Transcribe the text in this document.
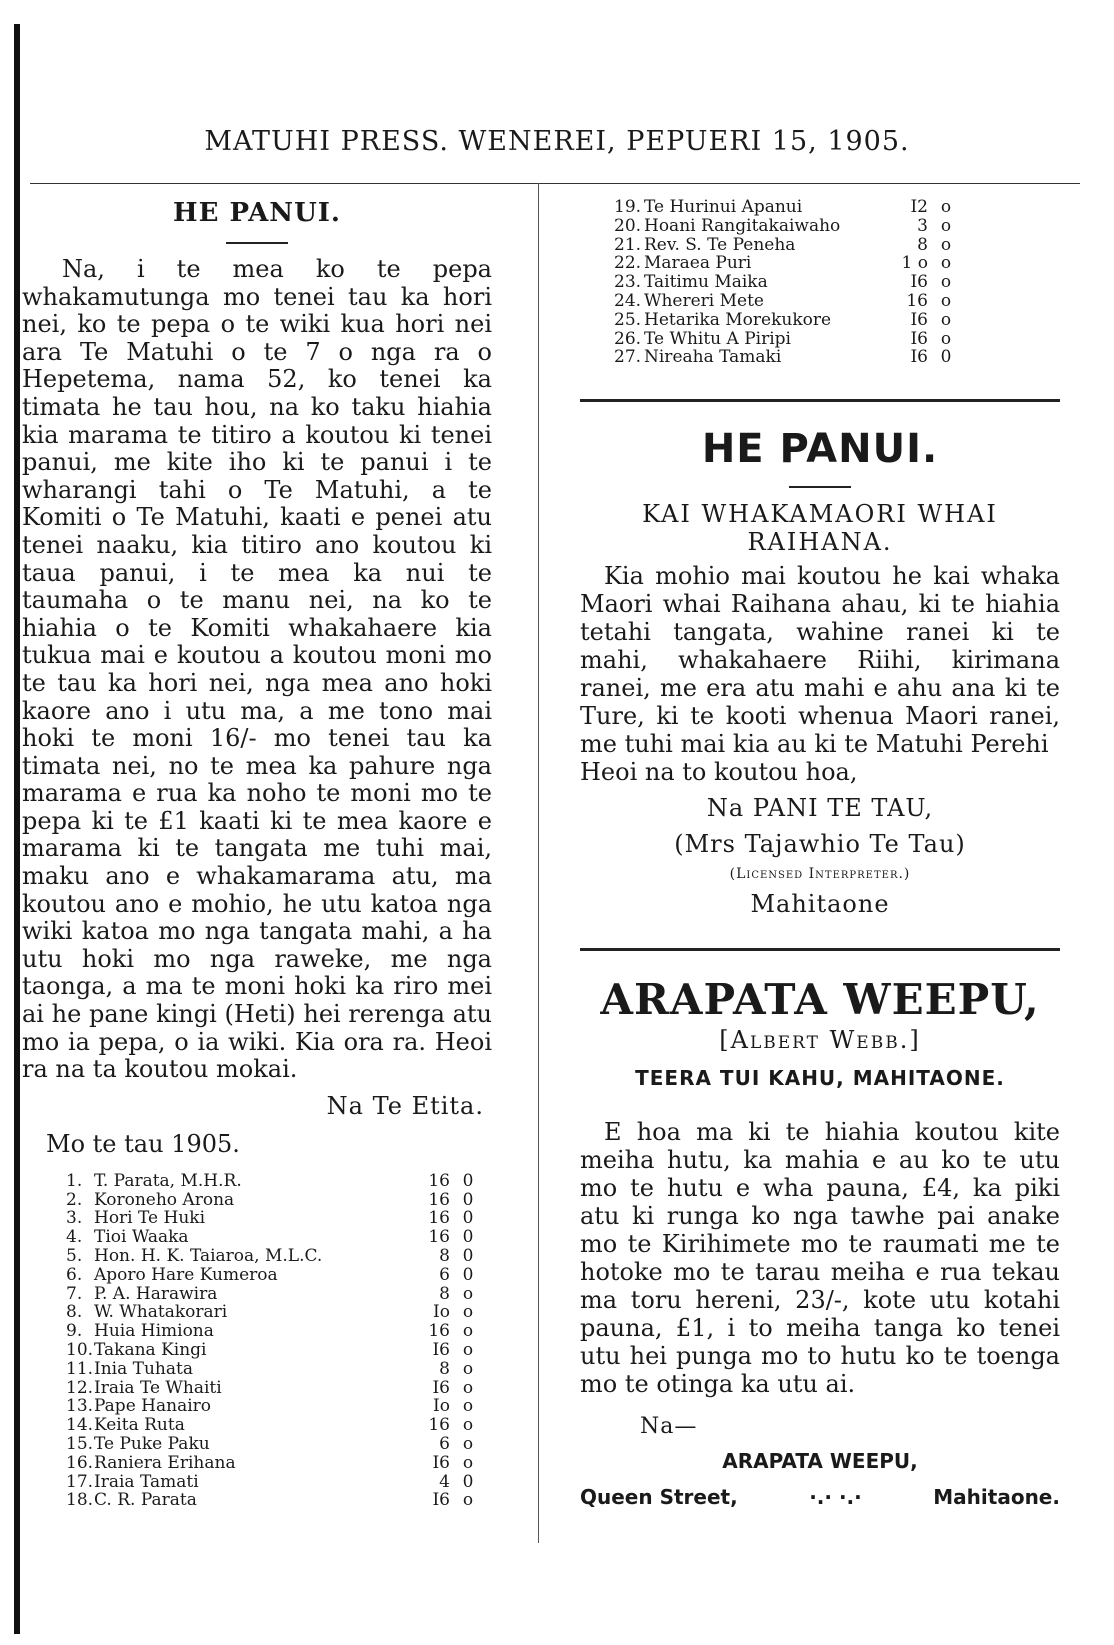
MATUHI PRESS. WENEREI, PEPUERI 15, 1905.
HE PANUI.

Na, i te mea ko te pepa whakamutunga mo tenei tau ka hori nei, ko te pepa o te wiki kua hori nei ara Te Matuhi o te 7 o nga ra o Hepetema, nama 52, ko tenei ka timata he tau hou, na ko taku hiahia kia marama te titiro a koutou ki tenei panui, me kite iho ki te panui i te wharangi tahi o Te Matuhi, a te Komiti o Te Matuhi, kaati e penei atu tenei naaku, kia titiro ano koutou ki taua panui, i te mea ka nui te taumaha o te manu nei, na ko te hiahia o te Komiti whakahaere kia tukua mai e koutou a koutou moni mo te tau ka hori nei, nga mea ano hoki kaore ano i utu ma, a me tono mai hoki te moni 16/- mo tenei tau ka timata nei, no te mea ka pahure nga marama e rua ka noho te moni mo te pepa ki te £1 kaati ki te mea kaore e marama ki te tangata me tuhi mai, maku ano e whakamarama atu, ma koutou ano e mohio, he utu katoa nga wiki katoa mo nga tangata mahi, a ha utu hoki mo nga raweke, me nga taonga, a ma te moni hoki ka riro mei ai he pane kingi (Heti) hei rerenga atu mo ia pepa, o ia wiki. Kia ora ra. Heoi ra na ta koutou mokai.

Na Te Etita.
Mo te tau 1905.
1. T. Parata, M.H.R.	16 0
2. Koroneho Arona	16 0
3. Hori Te Huki	16 0
4. Tioi Waaka	16 0
5. Hon. H. K. Taiaroa, M.L.C.	8 0
6. Aporo Hare Kumeroa	6 0
7. P. A. Harawira	8 o
8. W. Whatakorari	Io o
9. Huia Himiona	16 o
10. Takana Kingi	I6 o
11. Inia Tuhata	8 o
12. Iraia Te Whaiti	I6 o
13. Pape Hanairo	Io o
14. Keita Ruta	16 o
15. Te Puke Paku	6 o
16. Raniera Erihana	I6 o
17. Iraia Tamati	4 0
18. C. R. Parata	I6 o
19. Te Hurinui Apanui	I2 o
20. Hoani Rangitakaiwaho	3 o
21. Rev. S. Te Peneha	8 o
22. Maraea Puri	1 o o
23. Taitimu Maika	I6 o
24. Whereri Mete	16 o
25. Hetarika Morekukore	I6 o
26. Te Whitu A Piripi	I6 o
27. Nireaha Tamaki	I6 0
HE PANUI.
KAI WHAKAMAORI WHAI RAIHANA.

Kia mohio mai koutou he kai whaka Maori whai Raihana ahau, ki te hiahia tetahi tangata, wahine ranei ki te mahi, whakahaere Riihi, kirimana ranei, me era atu mahi e ahu ana ki te Ture, ki te kooti whenua Maori ranei, me tuhi mai kia au ki te Matuhi Perehi

Heoi na to koutou hoa,

Na PANI TE TAU,
(Mrs Tajawhio Te Tau)
(Licensed Interpreter.)
Mahitaone
ARAPATA WEEPU,
[Albert Webb.]
TEERA TUI KAHU, MAHITAONE.

E hoa ma ki te hiahia koutou kite meiha hutu, ka mahia e au ko te utu mo te hutu e wha pauna, £4, ka piki atu ki runga ko nga tawhe pai anake mo te Kirihimete mo te raumati me te hotoke mo te tarau meiha e rua tekau ma toru hereni, 23/-, kote utu kotahi pauna, £1, i to meiha tanga ko tenei utu hei punga mo to hutu ko te toenga mo te otinga ka utu ai.

Na—
ARAPATA WEEPU,
Queen Street,	·.· ·.·	Mahitaone.
